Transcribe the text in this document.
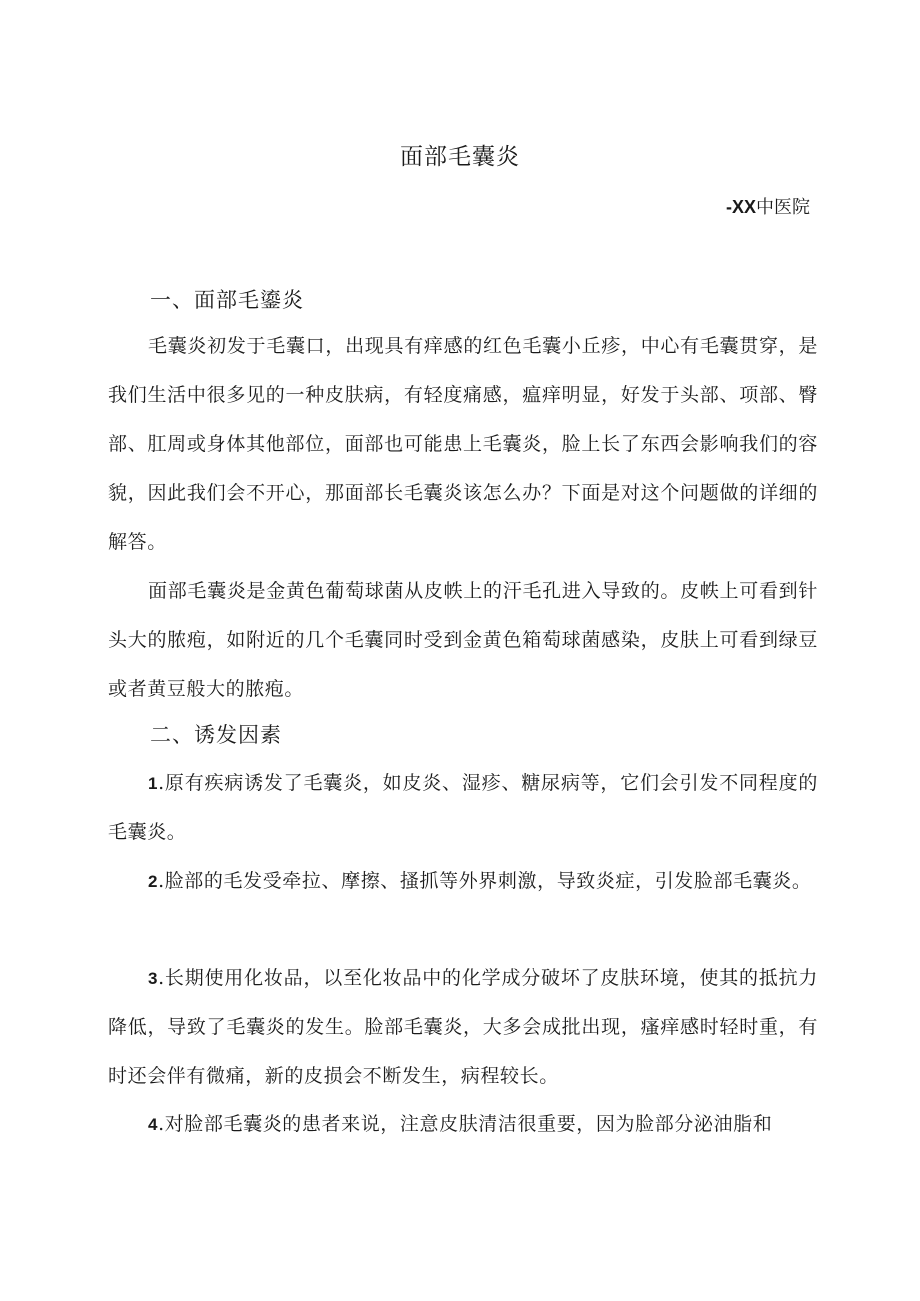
面部毛囊炎
-XX中医院
一、面部毛鎏炎
毛囊炎初发于毛囊口，出现具有痒感的红色毛囊小丘疹，中心有毛囊贯穿，是我们生活中很多见的一种皮肤病，有轻度痛感，瘟痒明显，好发于头部、项部、臀部、肛周或身体其他部位，面部也可能患上毛囊炎，脸上长了东西会影响我们的容貌，因此我们会不开心，那面部长毛囊炎该怎么办？下面是对这个问题做的详细的解答。
面部毛囊炎是金黄色葡萄球菌从皮帙上的汗毛孔进入导致的。皮帙上可看到针头大的脓疱，如附近的几个毛囊同时受到金黄色箱萄球菌感染，皮肤上可看到绿豆或者黄豆般大的脓疱。
二、诱发因素
1.原有疾病诱发了毛囊炎，如皮炎、湿疹、糖尿病等，它们会引发不同程度的毛囊炎。
2.脸部的毛发受牵拉、摩擦、搔抓等外界刺激，导致炎症，引发脸部毛囊炎。
3.长期使用化妆品，以至化妆品中的化学成分破坏了皮肤环境，使其的抵抗力降低，导致了毛囊炎的发生。脸部毛囊炎，大多会成批出现，瘙痒感时轻时重，有时还会伴有微痛，新的皮损会不断发生，病程较长。
4.对脸部毛囊炎的患者来说，注意皮肤清洁很重要，因为脸部分泌油脂和
